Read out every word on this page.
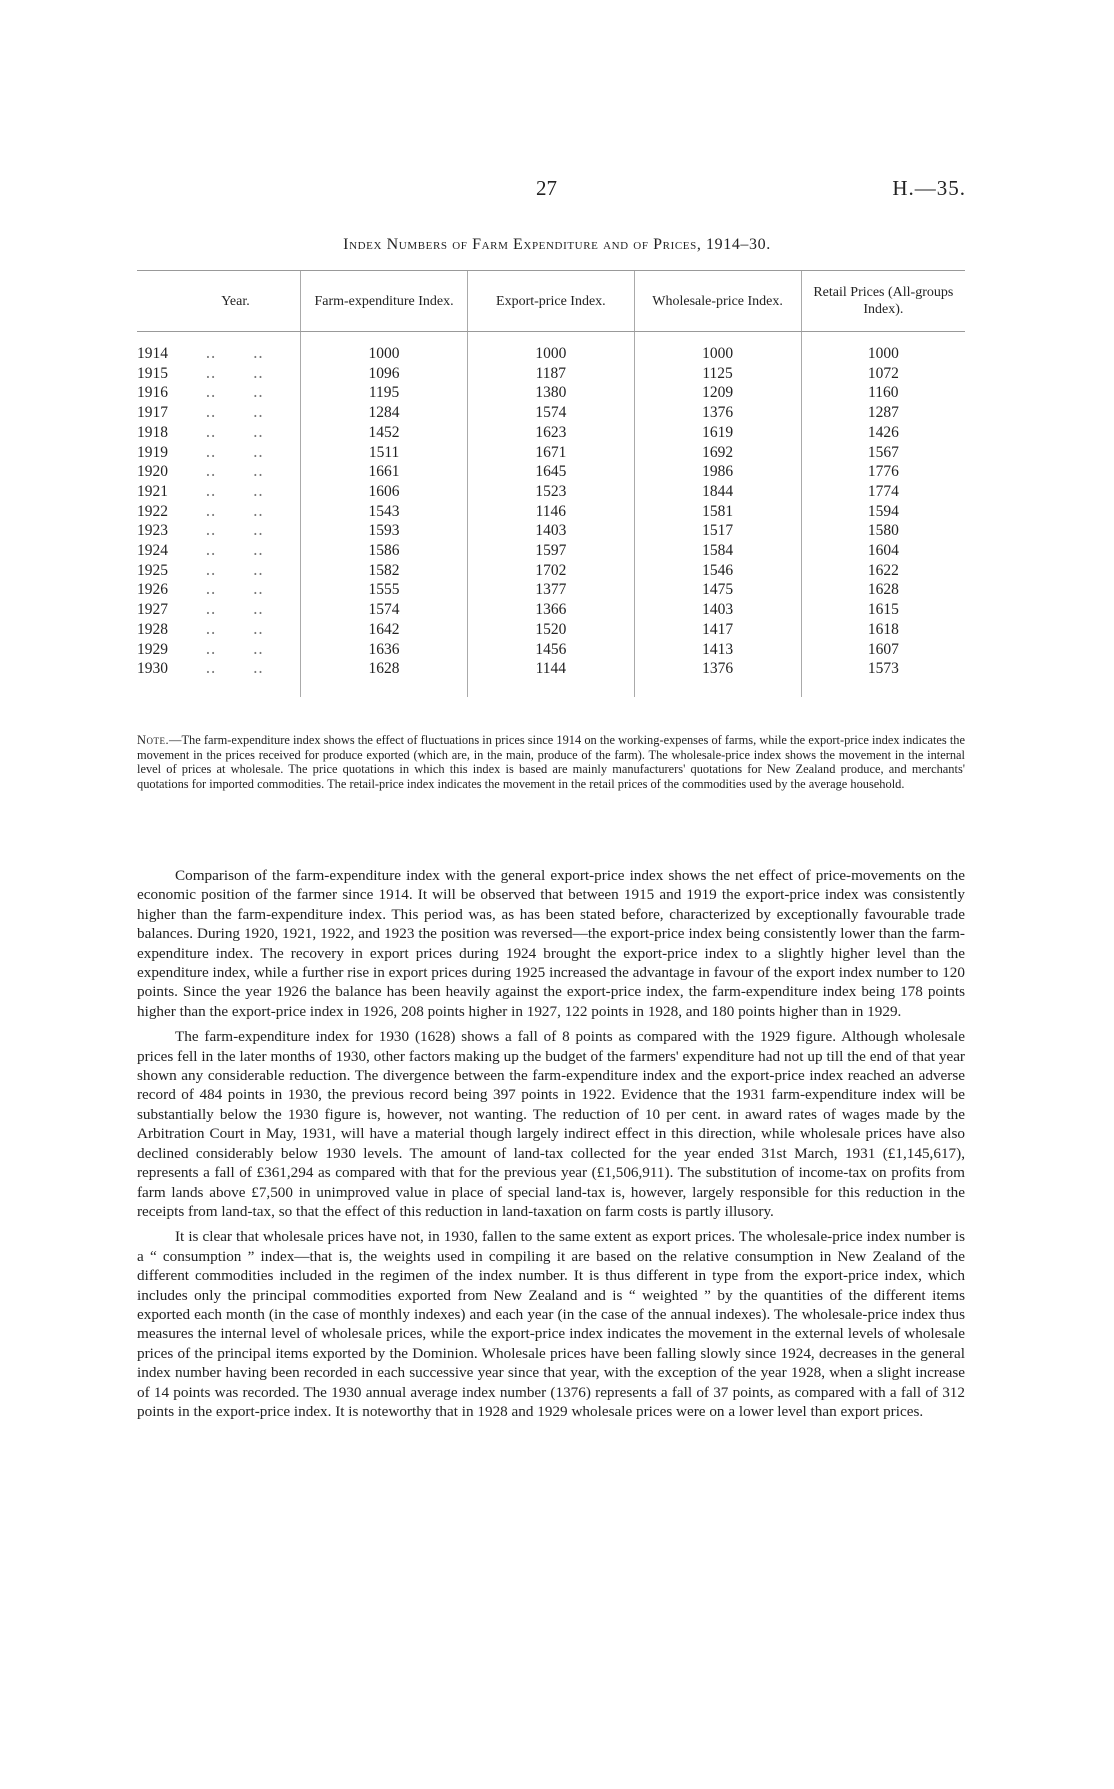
27	H.—35.
Index Numbers of Farm Expenditure and of Prices, 1914–30.
Year.		Farm-expenditure Index.	Export-price Index.	Wholesale-price Index.	Retail Prices (All-groups Index).
1914	‥  ‥	1000	1000	1000	1000
1915	‥  ‥	1096	1187	1125	1072
1916	‥  ‥	1195	1380	1209	1160
1917	‥  ‥	1284	1574	1376	1287
1918	‥  ‥	1452	1623	1619	1426
1919	‥  ‥	1511	1671	1692	1567
1920	‥  ‥	1661	1645	1986	1776
1921	‥  ‥	1606	1523	1844	1774
1922	‥  ‥	1543	1146	1581	1594
1923	‥  ‥	1593	1403	1517	1580
1924	‥  ‥	1586	1597	1584	1604
1925	‥  ‥	1582	1702	1546	1622
1926	‥  ‥	1555	1377	1475	1628
1927	‥  ‥	1574	1366	1403	1615
1928	‥  ‥	1642	1520	1417	1618
1929	‥  ‥	1636	1456	1413	1607
1930	‥  ‥	1628	1144	1376	1573

Note.—The farm-expenditure index shows the effect of fluctuations in prices since 1914 on the working-expenses of farms, while the export-price index indicates the movement in the prices received for produce exported (which are, in the main, produce of the farm). The wholesale-price index shows the movement in the internal level of prices at wholesale. The price quotations in which this index is based are mainly manufacturers' quotations for New Zealand produce, and merchants' quotations for imported commodities. The retail-price index indicates the movement in the retail prices of the commodities used by the average household.

Comparison of the farm-expenditure index with the general export-price index shows the net effect of price-movements on the economic position of the farmer since 1914. It will be observed that between 1915 and 1919 the export-price index was consistently higher than the farm-expenditure index. This period was, as has been stated before, characterized by exceptionally favourable trade balances. During 1920, 1921, 1922, and 1923 the position was reversed—the export-price index being consistently lower than the farm-expenditure index. The recovery in export prices during 1924 brought the export-price index to a slightly higher level than the expenditure index, while a further rise in export prices during 1925 increased the advantage in favour of the export index number to 120 points. Since the year 1926 the balance has been heavily against the export-price index, the farm-expenditure index being 178 points higher than the export-price index in 1926, 208 points higher in 1927, 122 points in 1928, and 180 points higher than in 1929.

The farm-expenditure index for 1930 (1628) shows a fall of 8 points as compared with the 1929 figure. Although wholesale prices fell in the later months of 1930, other factors making up the budget of the farmers' expenditure had not up till the end of that year shown any considerable reduction. The divergence between the farm-expenditure index and the export-price index reached an adverse record of 484 points in 1930, the previous record being 397 points in 1922. Evidence that the 1931 farm-expenditure index will be substantially below the 1930 figure is, however, not wanting. The reduction of 10 per cent. in award rates of wages made by the Arbitration Court in May, 1931, will have a material though largely indirect effect in this direction, while wholesale prices have also declined considerably below 1930 levels. The amount of land-tax collected for the year ended 31st March, 1931 (£1,145,617), represents a fall of £361,294 as compared with that for the previous year (£1,506,911). The substitution of income-tax on profits from farm lands above £7,500 in unimproved value in place of special land-tax is, however, largely responsible for this reduction in the receipts from land-tax, so that the effect of this reduction in land-taxation on farm costs is partly illusory.

It is clear that wholesale prices have not, in 1930, fallen to the same extent as export prices. The wholesale-price index number is a “ consumption ” index—that is, the weights used in compiling it are based on the relative consumption in New Zealand of the different commodities included in the regimen of the index number. It is thus different in type from the export-price index, which includes only the principal commodities exported from New Zealand and is “ weighted ” by the quantities of the different items exported each month (in the case of monthly indexes) and each year (in the case of the annual indexes). The wholesale-price index thus measures the internal level of wholesale prices, while the export-price index indicates the movement in the external levels of wholesale prices of the principal items exported by the Dominion. Wholesale prices have been falling slowly since 1924, decreases in the general index number having been recorded in each successive year since that year, with the exception of the year 1928, when a slight increase of 14 points was recorded. The 1930 annual average index number (1376) represents a fall of 37 points, as compared with a fall of 312 points in the export-price index. It is noteworthy that in 1928 and 1929 wholesale prices were on a lower level than export prices.
